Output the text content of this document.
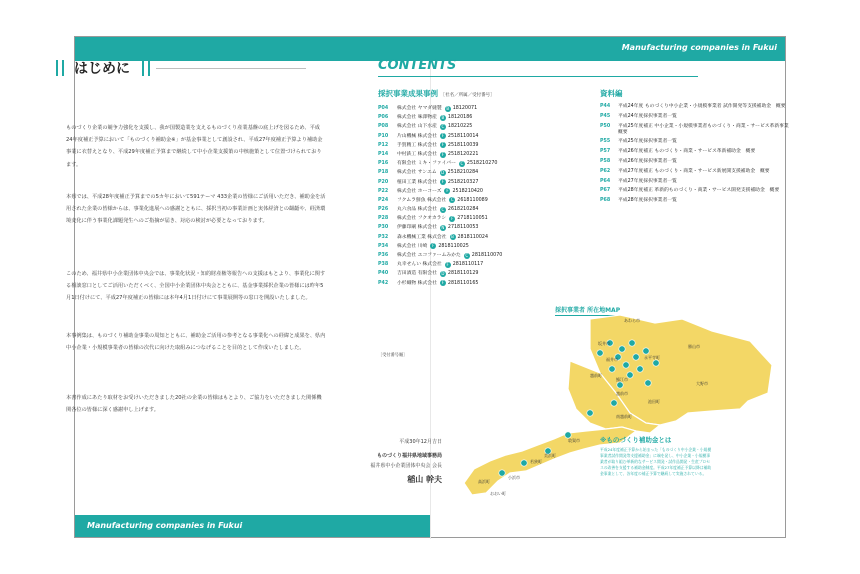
Manufacturing companies in Fukui
Manufacturing companies in Fukui
はじめに
ものづくり企業の競争力強化を支援し、我が国製造業を支えるものづくり産業基盤の底上げを図るため、平成24年度補正予算において「ものづくり補助金※」が基金事業として創設され、平成27年度補正予算より補助金事業に衣替えとなり、平成29年度補正予算まで継続して中小企業支援策の中核施策として位置づけられております。
本県では、平成28年度補正予算までの5カ年において591テーマ 433企業の皆様にご活用いただき、補助金を活用された企業の皆様からは、事業化進展への感謝とともに、採択当初の事業計画と実体経済との齟齬や、経済環境変化に伴う事業化課題発生へのご指摘が届き、対応の検討が必要となっております。
このため、福井県中小企業団体中央会では、事業化状況・知的財産権等報告への支援はもとより、事業化に関する相談窓口としてご活用いただくべく、全国中小企業団体中央会とともに、基金事業採択企業の皆様には昨年5月1日付けにて、平成27年度補正の皆様には本年4月1日付けにて事業展開等の窓口を開設いたしました。
本事例集は、ものづくり補助金事業の周知とともに、補助金ご活用の参考となる事業化への経緯と成果を、県内中小企業・小規模事業者の皆様の次代に向けた取組みにつなげることを目的として作成いたしました。
本書作成にあたり取材をお受けいただきました20社の企業の皆様はもとより、ご協力をいただきました関係機関各位の皆様に深く感謝申し上げます。
平成30年12月吉日
ものづくり福井県地域事務局
福井県中小企業団体中央会 会長
稲山 幹夫
CONTENTS
採択事業成果事例 ［社名／所属／受付番号］
P04	株式会社 ヤマダ縫製	B 18120071
P06	株式会社 味澤物産	B 18120186
P08	株式会社 山下水産	C 18210225
P10	片山機械 株式会社	F 2518110014
P12	手賀精工 株式会社	F 2518110039
P14	中村鉄工 株式会社	F 2518120221
P16	有限会社 ミキ・ファイバー	C 2518210270
P18	株式会社 サンエム	D 2518210284
P20	植田工業 株式会社	F 2518210327
P22	株式会社 ホーコーズ	F 2518210420
P24	フクムラ鮮魚 株式会社	C 2618110089
P26	丸六食品 株式会社	C 2618210284
P28	株式会社 フクオカラシ	F 2718110051
P30	伊藤印刷 株式会社	N 2718110053
P32	森永機械工業 株式会社	B 2818110024
P34	株式会社 川崎	F 2818110025
P36	株式会社 エコファームみかた	C 2818110070
P38	丸幸せんい 株式会社	F 2818110117
P40	吉田酒造 有限会社	D 2818110129
P42	小杉織物 株式会社	F 2818110165
［受付番号順］
資料編
P44	平成24年度 ものづくり中小企業・小規模事業者 試作開発等支援補助金　概要
P45	平成24年度採択事業者一覧
P50	平成25年度補正 中小企業・小規模事業者ものづくり・商業・サービス革新事業　概要
P55	平成25年度採択事業者一覧
P57	平成26年度補正 ものづくり・商業・サービス革新補助金　概要
P58	平成26年度採択事業者一覧
P62	平成27年度補正 ものづくり・商業・サービス新展開支援補助金　概要
P64	平成27年度採択事業者一覧
P67	平成28年度補正 革新的ものづくり・商業・サービス開発支援補助金　概要
P68	平成28年度採択事業者一覧
採択事業者 所在地MAP
あわら市
坂井市
勝山市
永平寺町
福井市
大野市
越前町
鯖江市
越前市
池田町
南越前町
敦賀市
美浜町
若狭町
小浜市
高浜町
おおい町
※ものづくり補助金とは
平成24年度補正予算から始まった「ものづくり中小企業・小規模事業者試作開発等支援補助金」に端を発し、中小企業・小規模事業者が取り組む革新的なサービス開発・試作品開発・生産プロセスの改善を支援する補助金制度。平成27年度補正予算以降は補助金事業として、各年度の補正予算で継続して実施されている。
